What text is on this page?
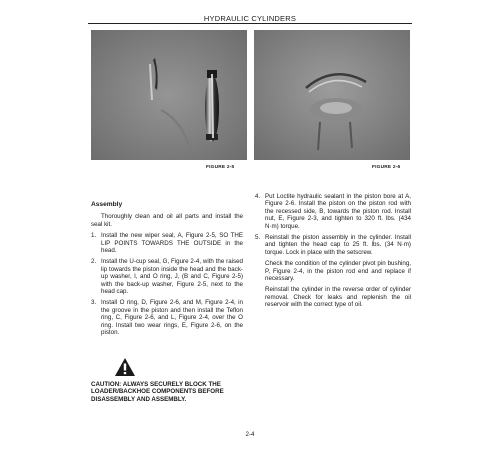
HYDRAULIC CYLINDERS
FIGURE 2-5	FIGURE 2-6
Assembly

Thoroughly clean and oil all parts and install the seal kit.

1. Install the new wiper seal, A, Figure 2-5, SO THE LIP POINTS TOWARDS THE OUTSIDE in the head.
2. Install the U-cup seal, G, Figure 2-4, with the raised lip towards the piston inside the head and the back-up washer, I, and O ring, J, (B and C, Figure 2-5) with the back-up washer, Figure 2-5, next to the head cap.
3. Install O ring, D, Figure 2-6, and M, Figure 2-4, in the groove in the piston and then install the Teflon ring, C, Figure 2-6, and L, Figure 2-4, over the O ring. Install two wear rings, E, Figure 2-6, on the piston.
4. Put Loctite hydraulic sealant in the piston bore at A, Figure 2-6. Install the piston on the piston rod with the recessed side, B, towards the piston rod. Install nut, E, Figure 2-3, and tighten to 320 ft. lbs. (434 N·m) torque.
5. Reinstall the piston assembly in the cylinder. Install and tighten the head cap to 25 ft. lbs. (34 N·m) torque. Lock in place with the setscrew.

Check the condition of the cylinder pivot pin bushing, P, Figure 2-4, in the piston rod end and replace if necessary.

Reinstall the cylinder in the reverse order of cylinder removal. Check for leaks and replenish the oil reservoir with the correct type of oil.

CAUTION: ALWAYS SECURELY BLOCK THE LOADER/BACKHOE COMPONENTS BEFORE DISASSEMBLY AND ASSEMBLY.
2-4
